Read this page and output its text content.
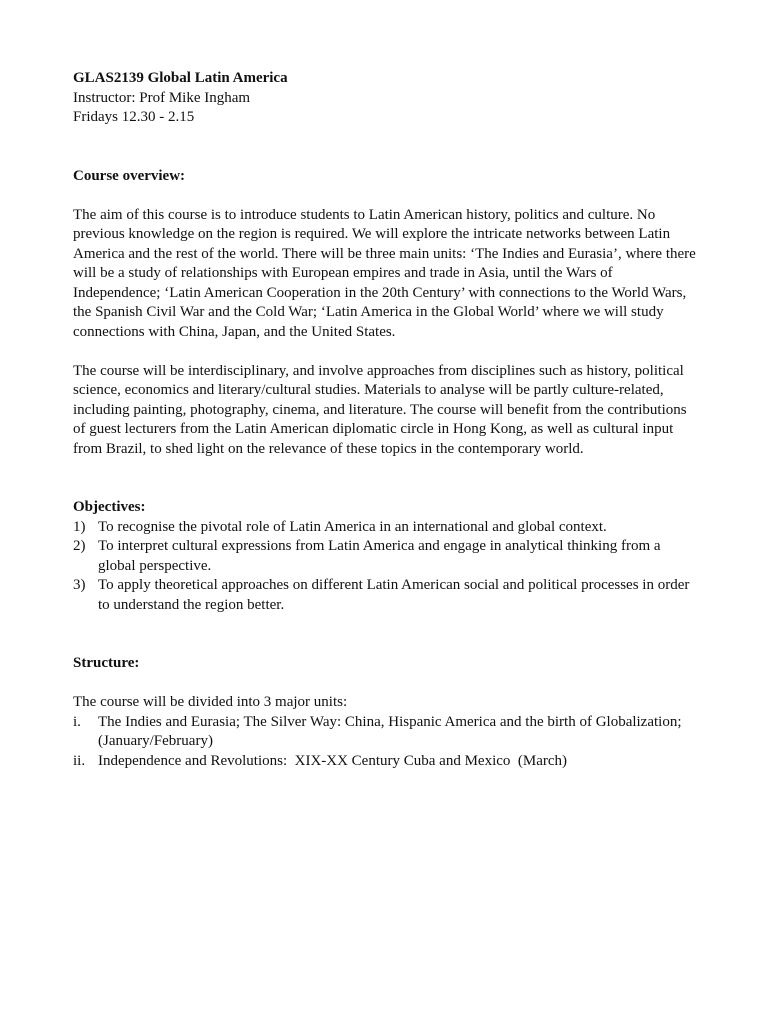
GLAS2139 Global Latin America

Instructor: Prof Mike Ingham

Fridays 12.30 - 2.15

Course overview:

The aim of this course is to introduce students to Latin American history, politics and culture. No previous knowledge on the region is required. We will explore the intricate networks between Latin America and the rest of the world. There will be three main units: ‘The Indies and Eurasia’, where there will be a study of relationships with European empires and trade in Asia, until the Wars of Independence; ‘Latin American Cooperation in the 20th Century’ with connections to the World Wars, the Spanish Civil War and the Cold War; ‘Latin America in the Global World’ where we will study connections with China, Japan, and the United States.

The course will be interdisciplinary, and involve approaches from disciplines such as history, political science, economics and literary/cultural studies. Materials to analyse will be partly culture-related, including painting, photography, cinema, and literature. The course will benefit from the contributions of guest lecturers from the Latin American diplomatic circle in Hong Kong, as well as cultural input from Brazil, to shed light on the relevance of these topics in the contemporary world.

Objectives:

1) To recognise the pivotal role of Latin America in an international and global context.
2) To interpret cultural expressions from Latin America and engage in analytical thinking from a global perspective.
3) To apply theoretical approaches on different Latin American social and political processes in order to understand the region better.

Structure:

The course will be divided into 3 major units:

i.	The Indies and Eurasia; The Silver Way: China, Hispanic America and the birth of Globalization; (January/February)
ii. Independence and Revolutions:  XIX-XX Century Cuba and Mexico  (March)
